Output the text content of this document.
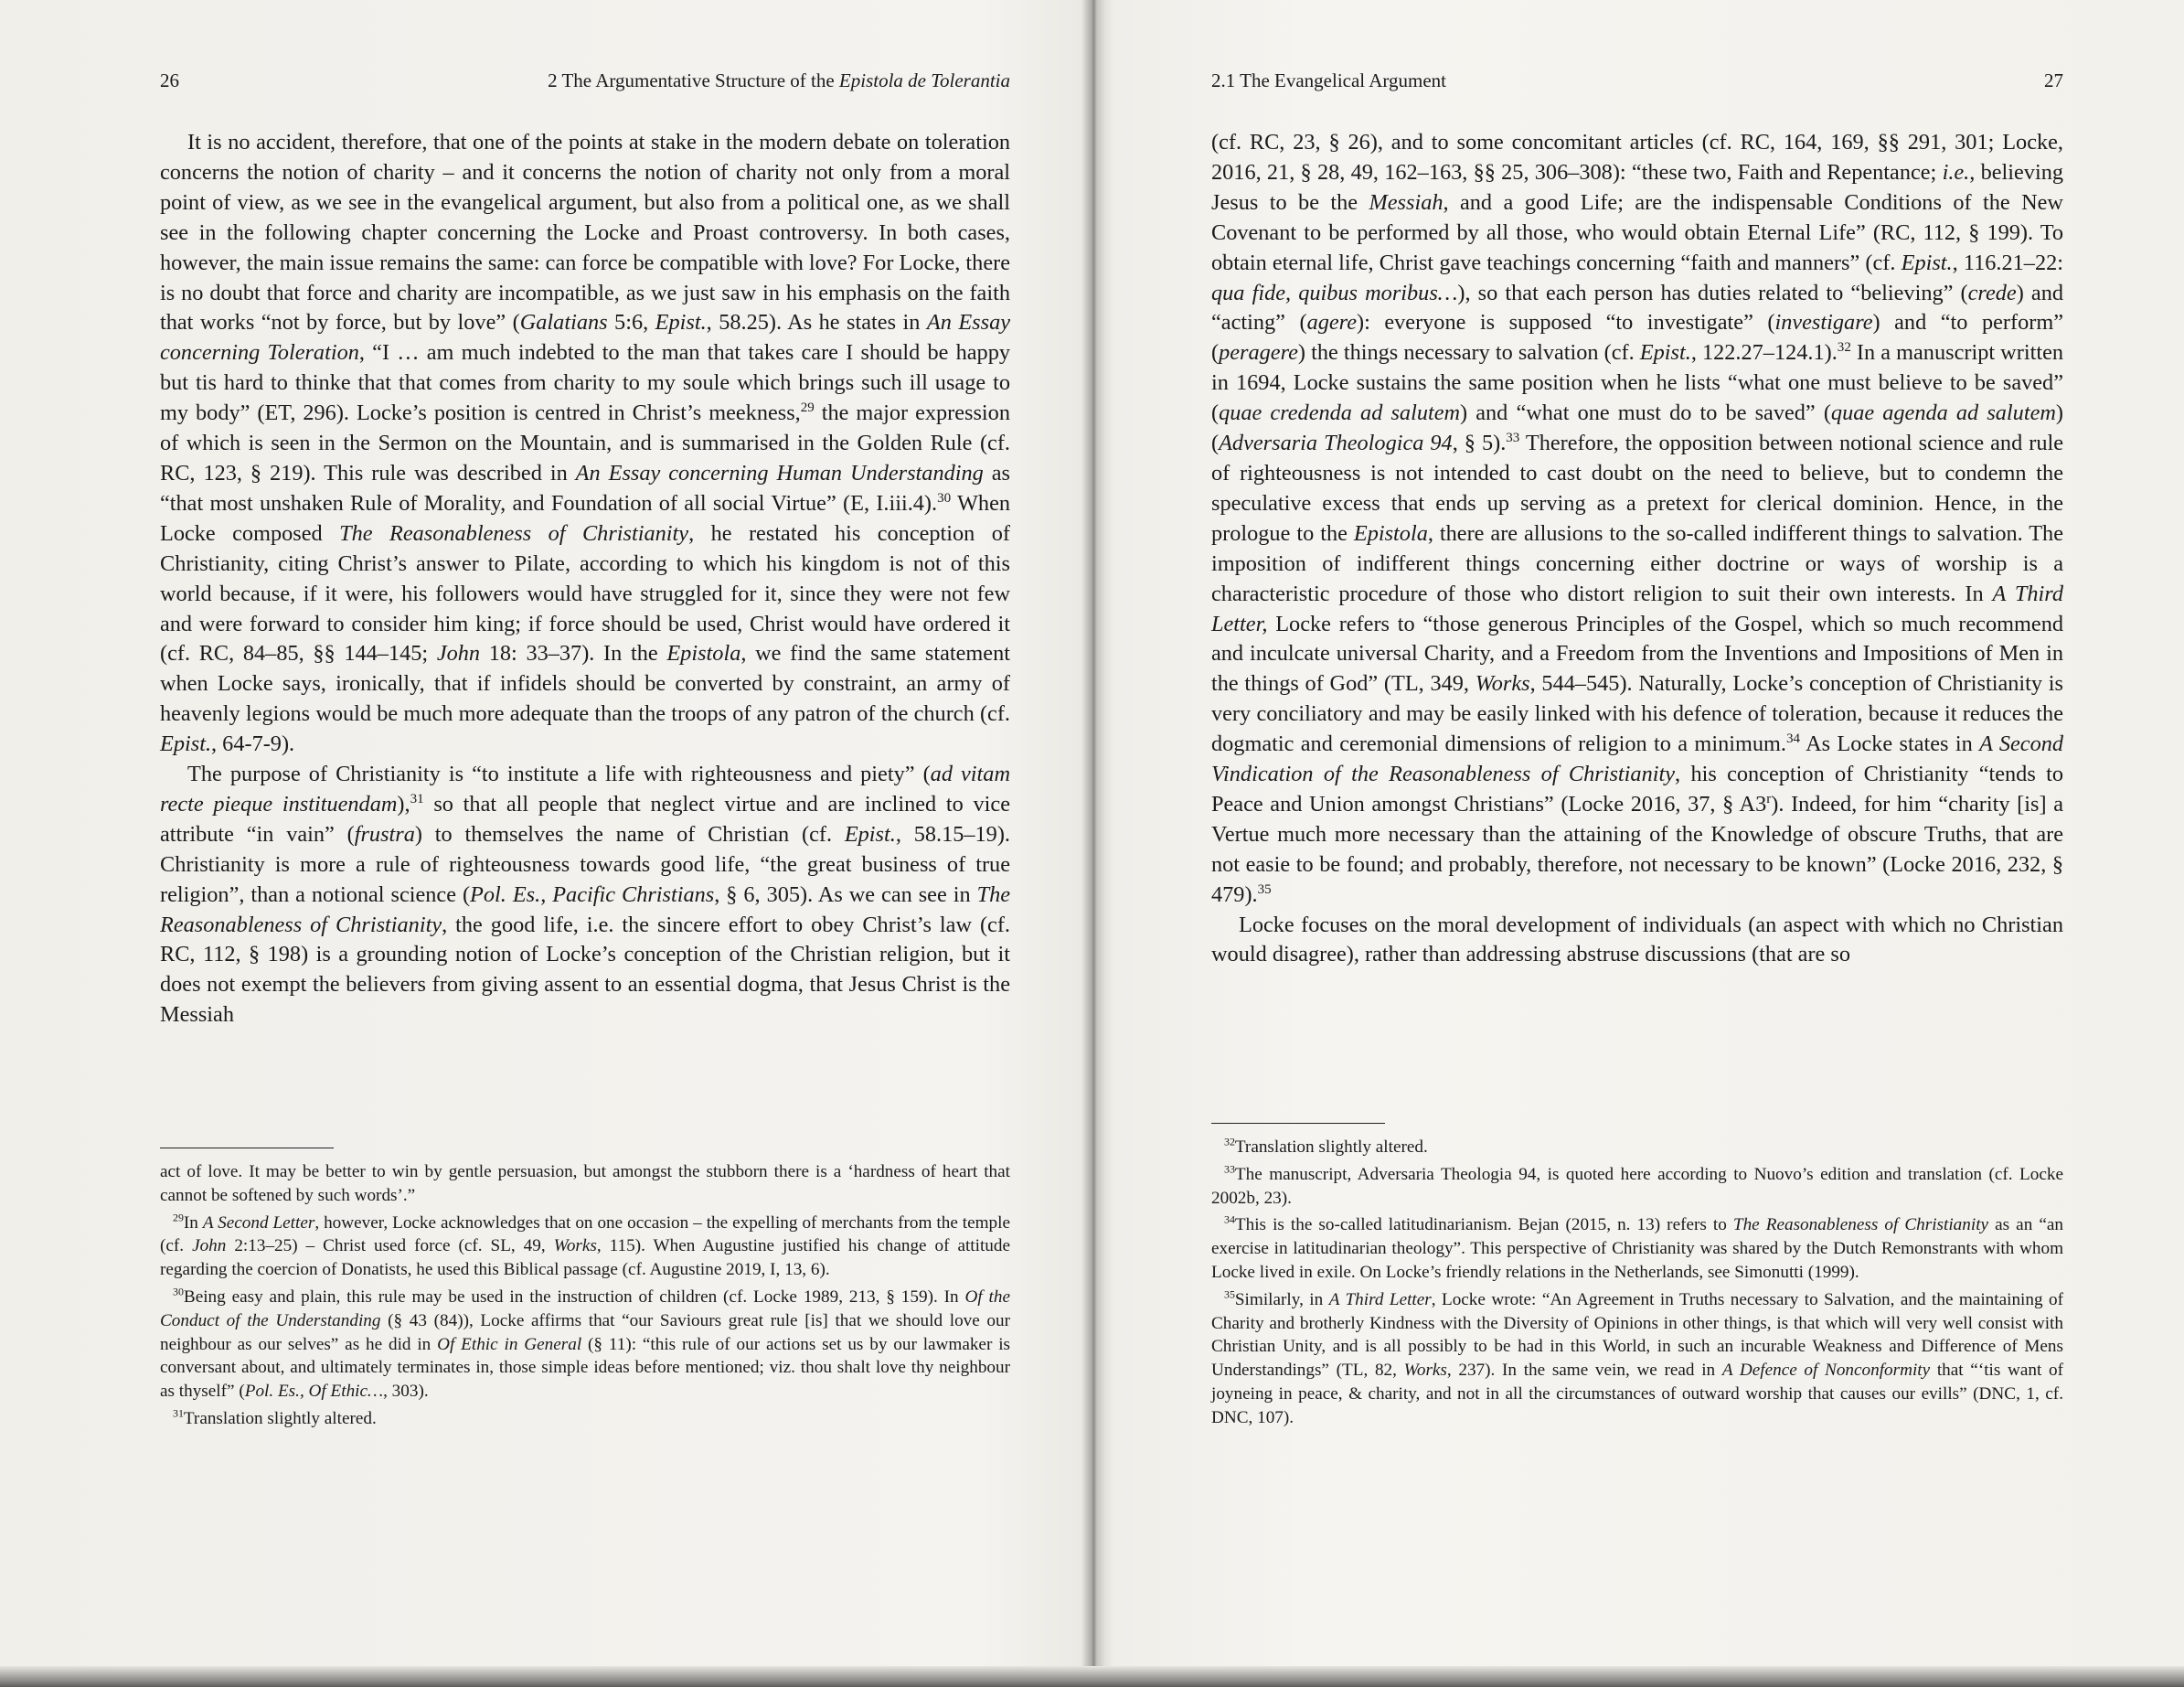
26	2 The Argumentative Structure of the Epistola de Tolerantia

It is no accident, therefore, that one of the points at stake in the modern debate on toleration concerns the notion of charity – and it concerns the notion of charity not only from a moral point of view, as we see in the evangelical argument, but also from a political one, as we shall see in the following chapter concerning the Locke and Proast controversy. In both cases, however, the main issue remains the same: can force be compatible with love? For Locke, there is no doubt that force and charity are incompatible, as we just saw in his emphasis on the faith that works “not by force, but by love” (Galatians 5:6, Epist., 58.25). As he states in An Essay concerning Toleration, “I … am much indebted to the man that takes care I should be happy but tis hard to thinke that that comes from charity to my soule which brings such ill usage to my body” (ET, 296). Locke’s position is centred in Christ’s meekness,$^{29}$ the major expression of which is seen in the Sermon on the Mountain, and is summarised in the Golden Rule (cf. RC, 123, § 219). This rule was described in An Essay concerning Human Understanding as “that most unshaken Rule of Morality, and Foundation of all social Virtue” (E, I.iii.4).$^{30}$ When Locke composed The Reasonableness of Christianity, he restated his conception of Christianity, citing Christ’s answer to Pilate, according to which his kingdom is not of this world because, if it were, his followers would have struggled for it, since they were not few and were forward to consider him king; if force should be used, Christ would have ordered it (cf. RC, 84–85, §§ 144–145; John 18: 33–37). In the Epistola, we find the same statement when Locke says, ironically, that if infidels should be converted by constraint, an army of heavenly legions would be much more adequate than the troops of any patron of the church (cf. Epist., 64-7-9).

The purpose of Christianity is “to institute a life with righteousness and piety” (ad vitam recte pieque instituendam),$^{31}$ so that all people that neglect virtue and are inclined to vice attribute “in vain” (frustra) to themselves the name of Christian (cf. Epist., 58.15–19). Christianity is more a rule of righteousness towards good life, “the great business of true religion”, than a notional science (Pol. Es., Pacific Christians, § 6, 305). As we can see in The Reasonableness of Christianity, the good life, i.e. the sincere effort to obey Christ’s law (cf. RC, 112, § 198) is a grounding notion of Locke’s conception of the Christian religion, but it does not exempt the believers from giving assent to an essential dogma, that Jesus Christ is the Messiah

act of love. It may be better to win by gentle persuasion, but amongst the stubborn there is a ‘hardness of heart that cannot be softened by such words’.”

$^{29}$In A Second Letter, however, Locke acknowledges that on one occasion – the expelling of merchants from the temple (cf. John 2:13–25) – Christ used force (cf. SL, 49, Works, 115). When Augustine justified his change of attitude regarding the coercion of Donatists, he used this Biblical passage (cf. Augustine 2019, I, 13, 6).

$^{30}$Being easy and plain, this rule may be used in the instruction of children (cf. Locke 1989, 213, § 159). In Of the Conduct of the Understanding (§ 43 (84)), Locke affirms that “our Saviours great rule [is] that we should love our neighbour as our selves” as he did in Of Ethic in General (§ 11): “this rule of our actions set us by our lawmaker is conversant about, and ultimately terminates in, those simple ideas before mentioned; viz. thou shalt love thy neighbour as thyself” (Pol. Es., Of Ethic…, 303).

$^{31}$Translation slightly altered.

2.1 The Evangelical Argument	27

(cf. RC, 23, § 26), and to some concomitant articles (cf. RC, 164, 169, §§ 291, 301; Locke, 2016, 21, § 28, 49, 162–163, §§ 25, 306–308): “these two, Faith and Repentance; i.e., believing Jesus to be the Messiah, and a good Life; are the indispensable Conditions of the New Covenant to be performed by all those, who would obtain Eternal Life” (RC, 112, § 199). To obtain eternal life, Christ gave teachings concerning “faith and manners” (cf. Epist., 116.21–22: qua fide, quibus moribus…), so that each person has duties related to “believing” (crede) and “acting” (agere): everyone is supposed “to investigate” (investigare) and “to perform” (peragere) the things necessary to salvation (cf. Epist., 122.27–124.1).$^{32}$ In a manuscript written in 1694, Locke sustains the same position when he lists “what one must believe to be saved” (quae credenda ad salutem) and “what one must do to be saved” (quae agenda ad salutem) (Adversaria Theologica 94, § 5).$^{33}$ Therefore, the opposition between notional science and rule of righteousness is not intended to cast doubt on the need to believe, but to condemn the speculative excess that ends up serving as a pretext for clerical dominion. Hence, in the prologue to the Epistola, there are allusions to the so-called indifferent things to salvation. The imposition of indifferent things concerning either doctrine or ways of worship is a characteristic procedure of those who distort religion to suit their own interests. In A Third Letter, Locke refers to “those generous Principles of the Gospel, which so much recommend and inculcate universal Charity, and a Freedom from the Inventions and Impositions of Men in the things of God” (TL, 349, Works, 544–545). Naturally, Locke’s conception of Christianity is very conciliatory and may be easily linked with his defence of toleration, because it reduces the dogmatic and ceremonial dimensions of religion to a minimum.$^{34}$ As Locke states in A Second Vindication of the Reasonableness of Christianity, his conception of Christianity “tends to Peace and Union amongst Christians” (Locke 2016, 37, § A3$^r$). Indeed, for him “charity [is] a Vertue much more necessary than the attaining of the Knowledge of obscure Truths, that are not easie to be found; and probably, therefore, not necessary to be known” (Locke 2016, 232, § 479).$^{35}$

Locke focuses on the moral development of individuals (an aspect with which no Christian would disagree), rather than addressing abstruse discussions (that are so

$^{32}$Translation slightly altered.

$^{33}$The manuscript, Adversaria Theologia 94, is quoted here according to Nuovo’s edition and translation (cf. Locke 2002b, 23).

$^{34}$This is the so-called latitudinarianism. Bejan (2015, n. 13) refers to The Reasonableness of Christianity as an “an exercise in latitudinarian theology”. This perspective of Christianity was shared by the Dutch Remonstrants with whom Locke lived in exile. On Locke’s friendly relations in the Netherlands, see Simonutti (1999).

$^{35}$Similarly, in A Third Letter, Locke wrote: “An Agreement in Truths necessary to Salvation, and the maintaining of Charity and brotherly Kindness with the Diversity of Opinions in other things, is that which will very well consist with Christian Unity, and is all possibly to be had in this World, in such an incurable Weakness and Difference of Mens Understandings” (TL, 82, Works, 237). In the same vein, we read in A Defence of Nonconformity that “‘tis want of joyneing in peace, & charity, and not in all the circumstances of outward worship that causes our evills” (DNC, 1, cf. DNC, 107).
